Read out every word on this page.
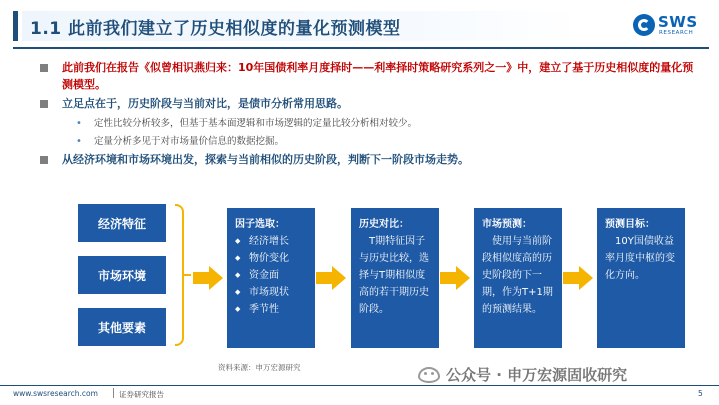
1.1 此前我们建立了历史相似度的量化预测模型	SWS
RESEARCH
此前我们在报告《似曾相识燕归来：10年国债利率月度择时——利率择时策略研究系列之一》中，建立了基于历史相似度的量化预测模型。
立足点在于，历史阶段与当前对比，是债市分析常用思路。
• 定性比较分析较多，但基于基本面逻辑和市场逻辑的定量比较分析相对较少。
• 定量分析多见于对市场量价信息的数据挖掘。
从经济环境和市场环境出发，探索与当前相似的历史阶段，判断下一阶段市场走势。
经济特征
市场环境
其他要素
因子选取：
◆ 经济增长
◆ 物价变化
◆ 资金面
◆ 市场现状
◆ 季节性
历史对比：
T期特征因子与历史比较，选择与T期相似度高的若干期历史阶段。
市场预测：
使用与当前阶段相似度高的历史阶段的下一期，作为T+1期的预测结果。
预测目标：
10Y国债收益率月度中枢的变化方向。
资料来源：申万宏源研究	公众号 · 申万宏源固收研究
www.swsresearch.com	证券研究报告	5
